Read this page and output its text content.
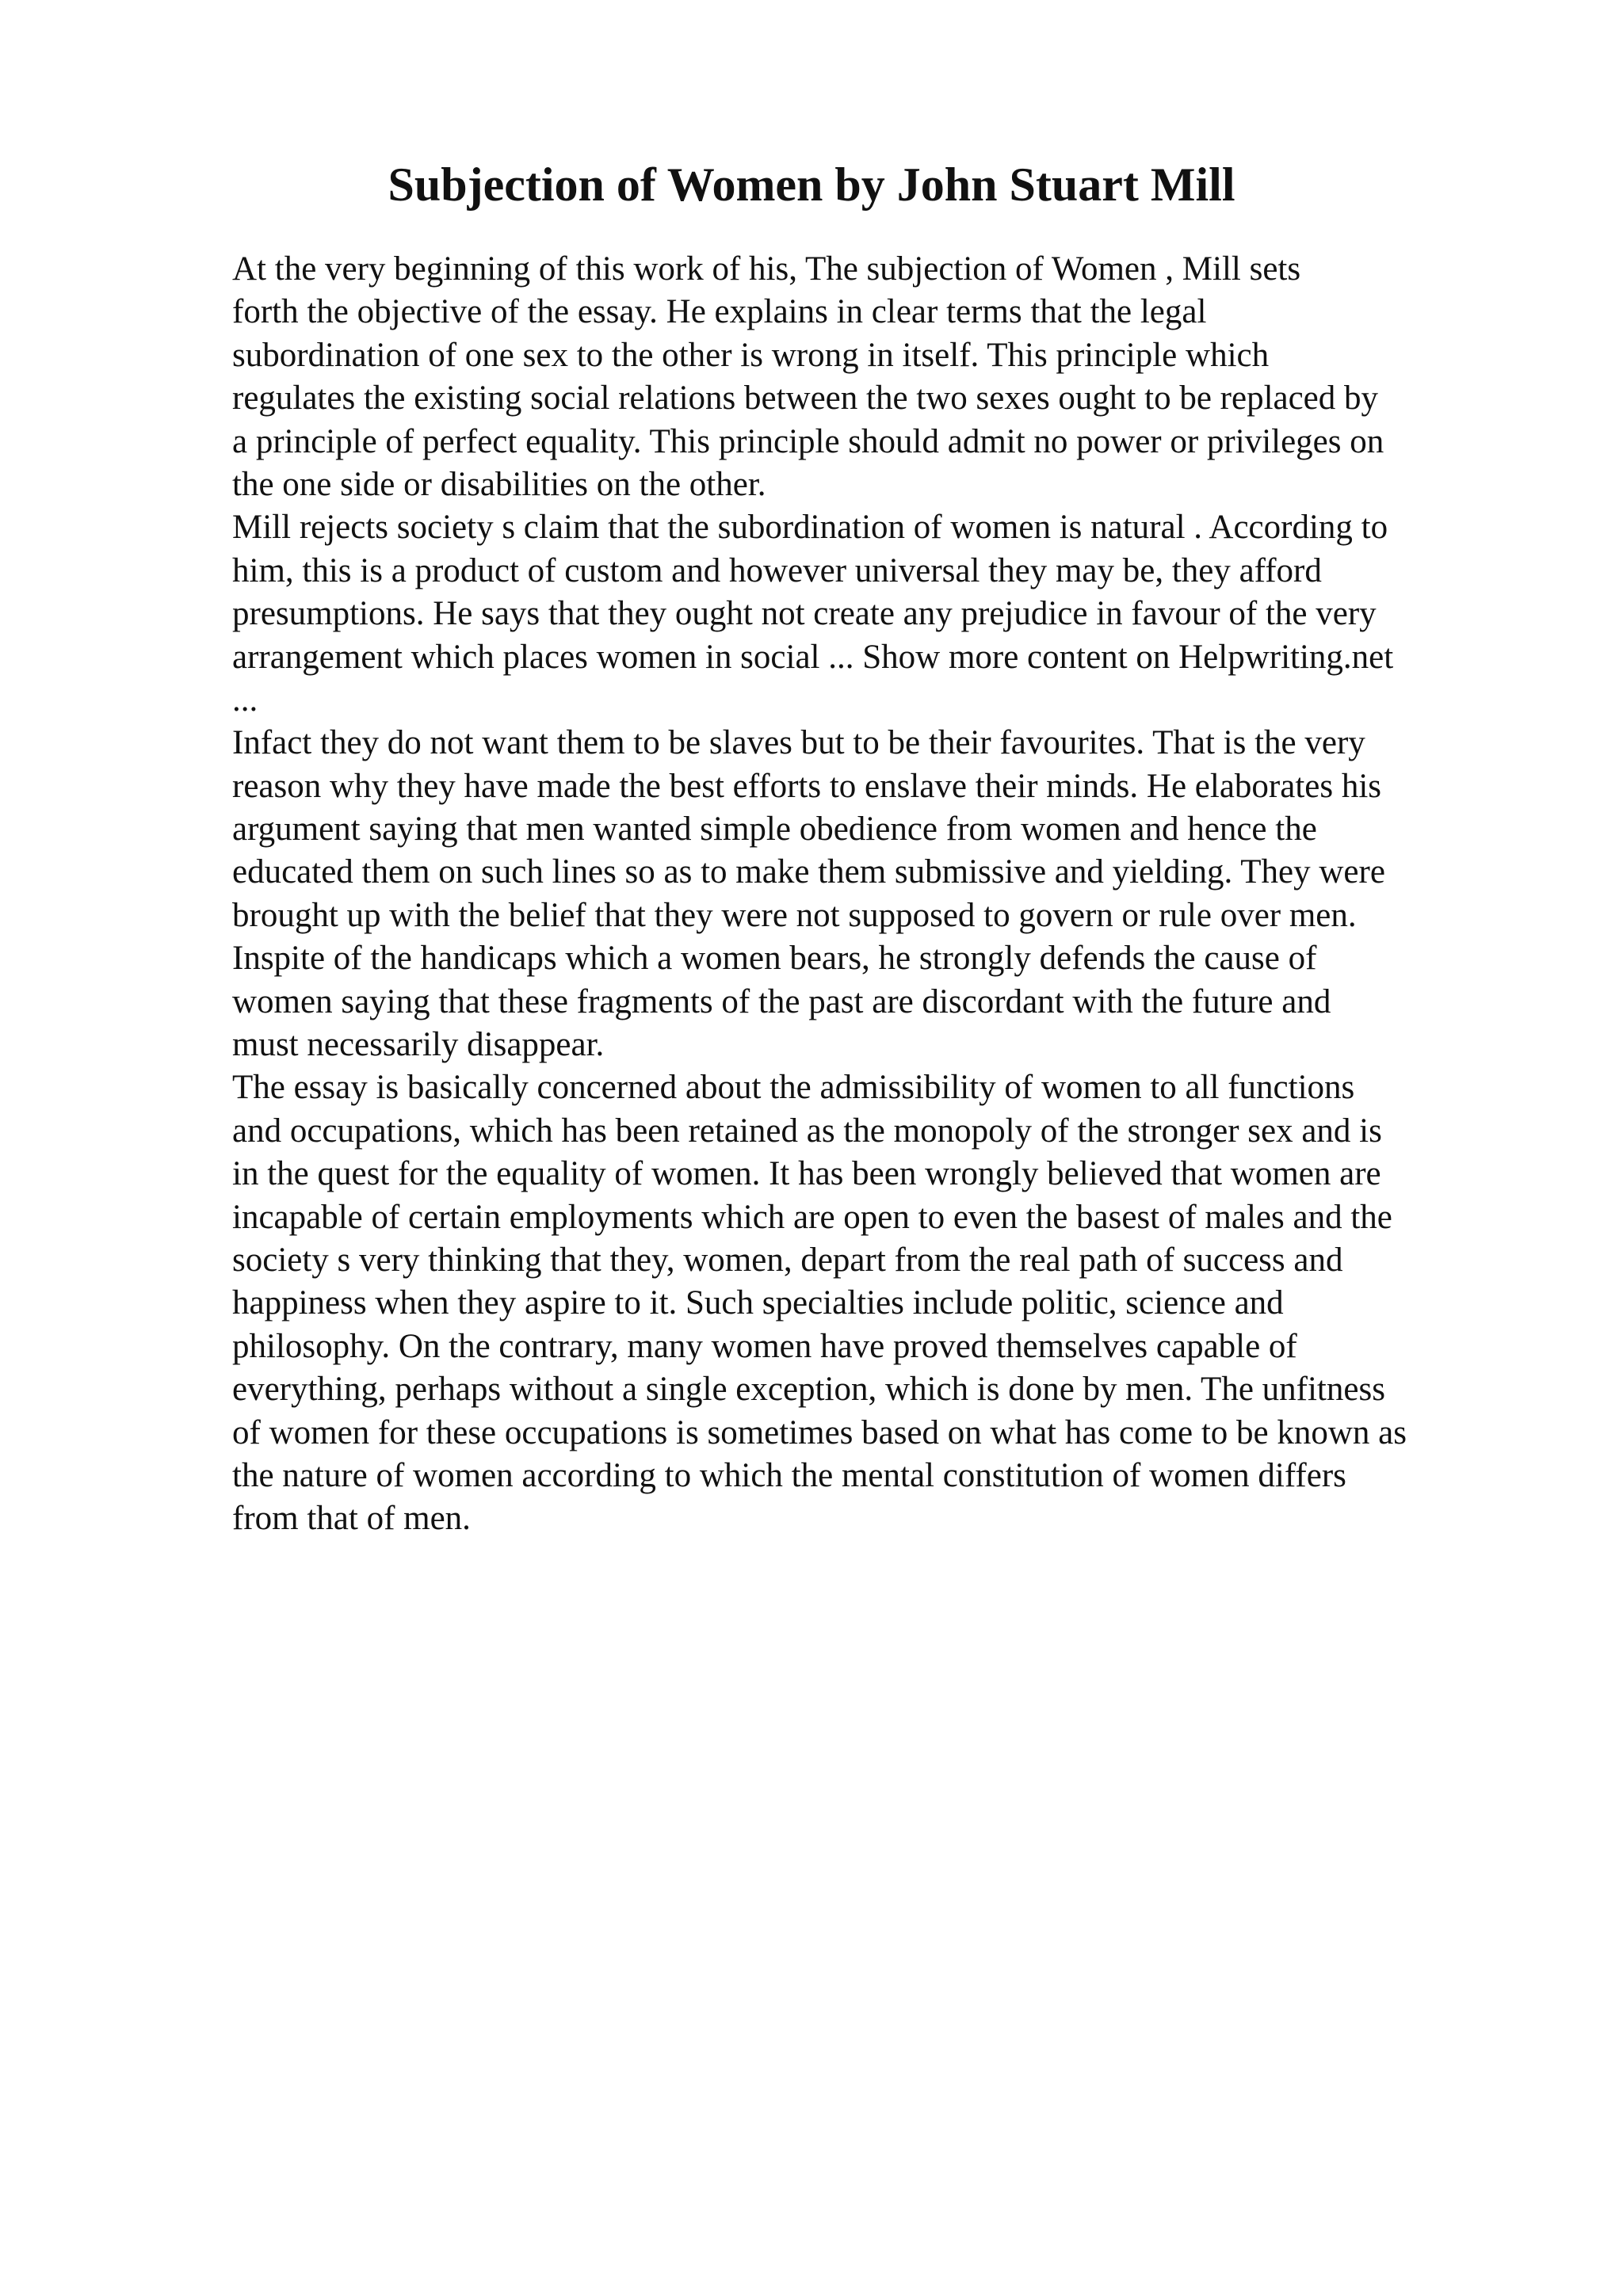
Subjection of Women by John Stuart Mill
At the very beginning of this work of his, The subjection of Women , Mill sets
forth the objective of the essay. He explains in clear terms that the legal
subordination of one sex to the other is wrong in itself. This principle which
regulates the existing social relations between the two sexes ought to be replaced by
a principle of perfect equality. This principle should admit no power or privileges on
the one side or disabilities on the other.
Mill rejects society s claim that the subordination of women is natural . According to
him, this is a product of custom and however universal they may be, they afford
presumptions. He says that they ought not create any prejudice in favour of the very
arrangement which places women in social ... Show more content on Helpwriting.net
...
Infact they do not want them to be slaves but to be their favourites. That is the very
reason why they have made the best efforts to enslave their minds. He elaborates his
argument saying that men wanted simple obedience from women and hence the
educated them on such lines so as to make them submissive and yielding. They were
brought up with the belief that they were not supposed to govern or rule over men.
Inspite of the handicaps which a women bears, he strongly defends the cause of
women saying that these fragments of the past are discordant with the future and
must necessarily disappear.
The essay is basically concerned about the admissibility of women to all functions
and occupations, which has been retained as the monopoly of the stronger sex and is
in the quest for the equality of women. It has been wrongly believed that women are
incapable of certain employments which are open to even the basest of males and the
society s very thinking that they, women, depart from the real path of success and
happiness when they aspire to it. Such specialties include politic, science and
philosophy. On the contrary, many women have proved themselves capable of
everything, perhaps without a single exception, which is done by men. The unfitness
of women for these occupations is sometimes based on what has come to be known as
the nature of women according to which the mental constitution of women differs
from that of men.
